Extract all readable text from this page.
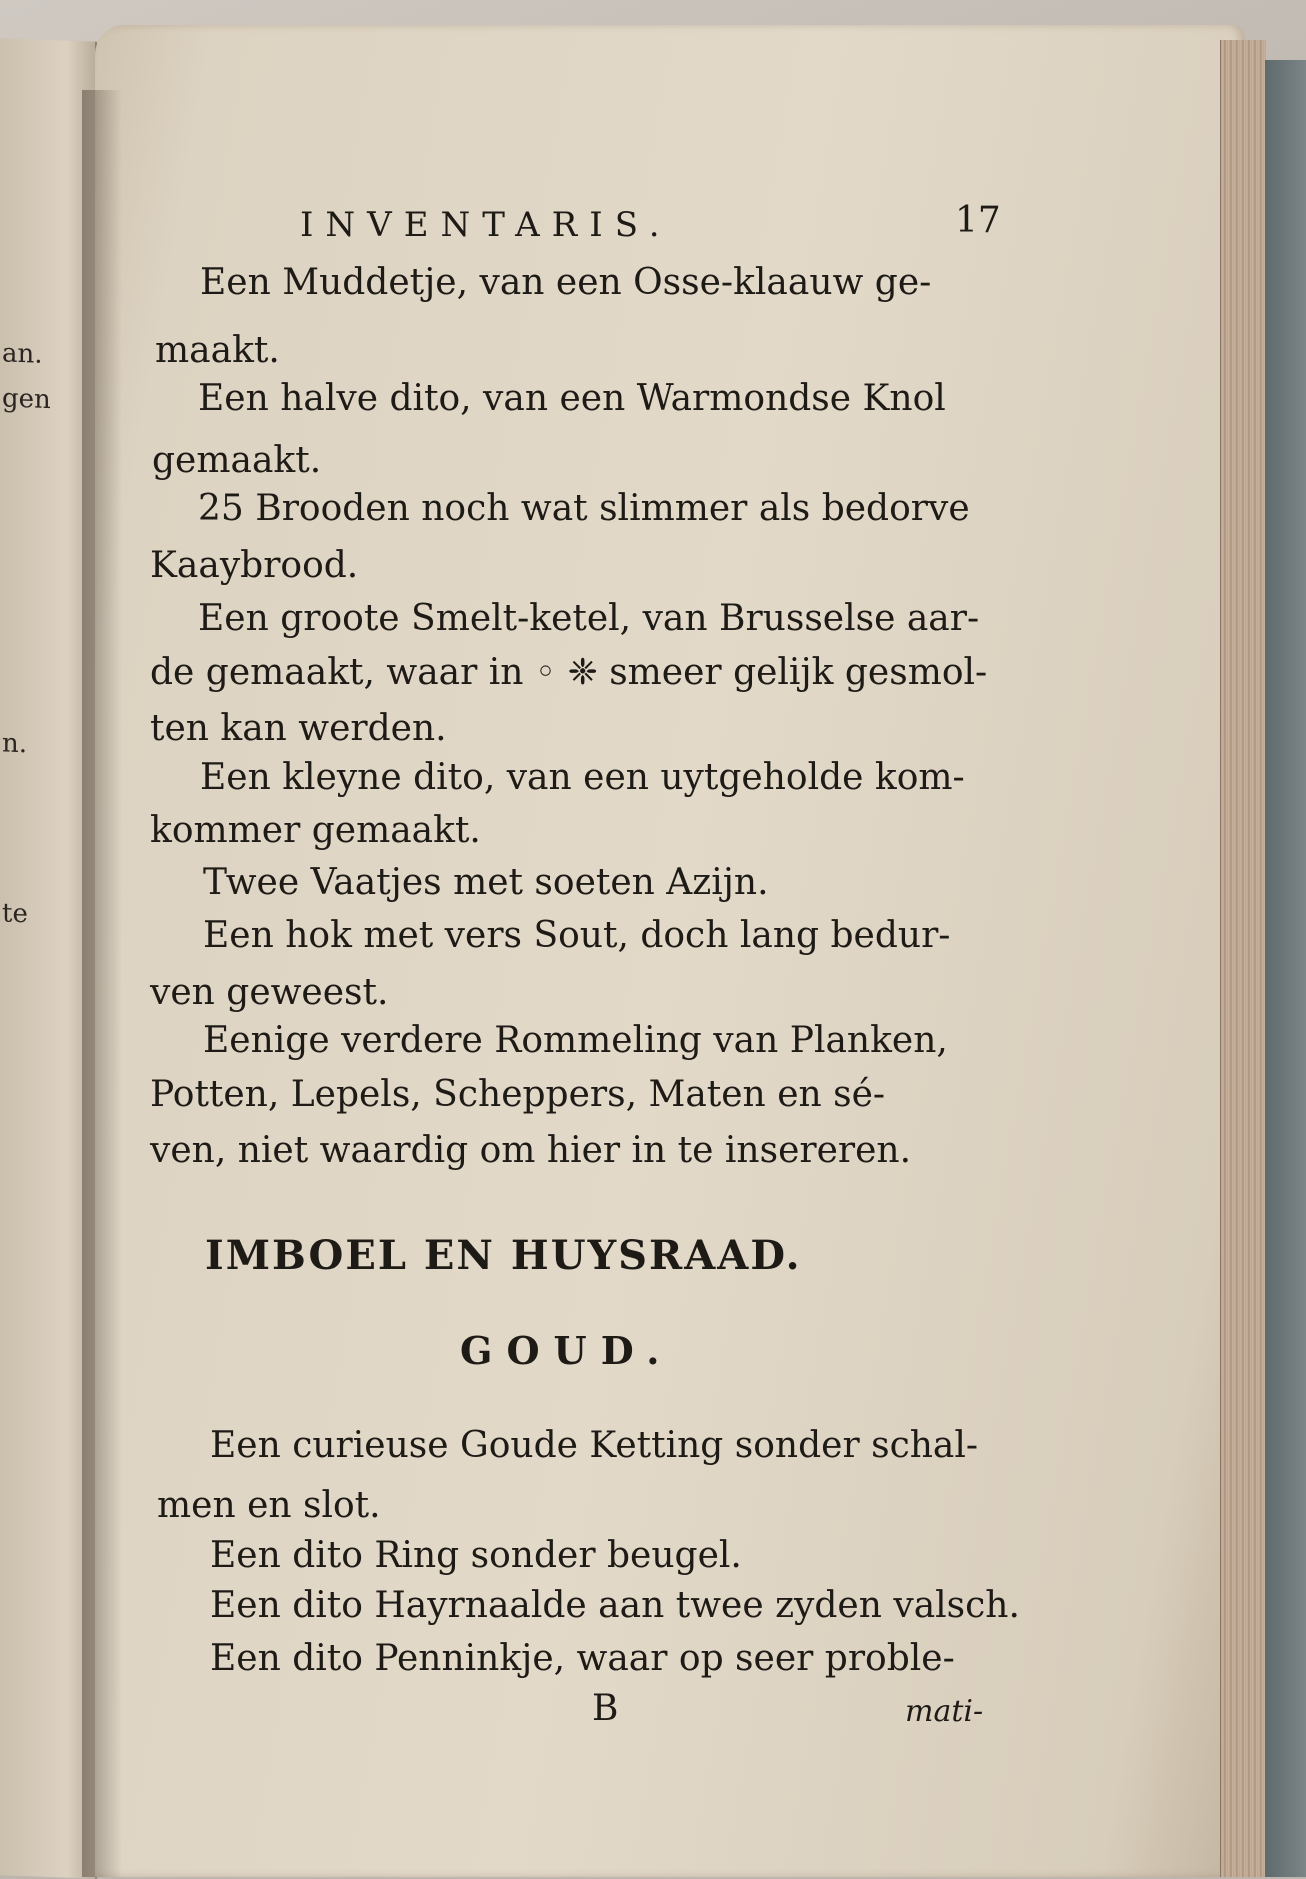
an.
gen
n.
te
INVENTARIS.	17
Een Muddetje, van een Osse-klaauw ge-
maakt.
Een halve dito, van een Warmondse Knol
gemaakt.
25 Brooden noch wat slimmer als bedorve
Kaaybrood.
Een groote Smelt-ketel, van Brusselse aar-
de gemaakt, waar in ◦ ❈ smeer gelijk gesmol-
ten kan werden.
Een kleyne dito, van een uytgeholde kom-
kommer gemaakt.
Twee Vaatjes met soeten Azijn.
Een hok met vers Sout, doch lang bedur-
ven geweest.
Eenige verdere Rommeling van Planken,
Potten, Lepels, Scheppers, Maten en sé-
ven, niet waardig om hier in te insereren.
IMBOEL EN HUYSRAAD.
GOUD.
Een curieuse Goude Ketting sonder schal-
men en slot.
Een dito Ring sonder beugel.
Een dito Hayrnaalde aan twee zyden valsch.
Een dito Penninkje, waar op seer proble-
B	mati-
